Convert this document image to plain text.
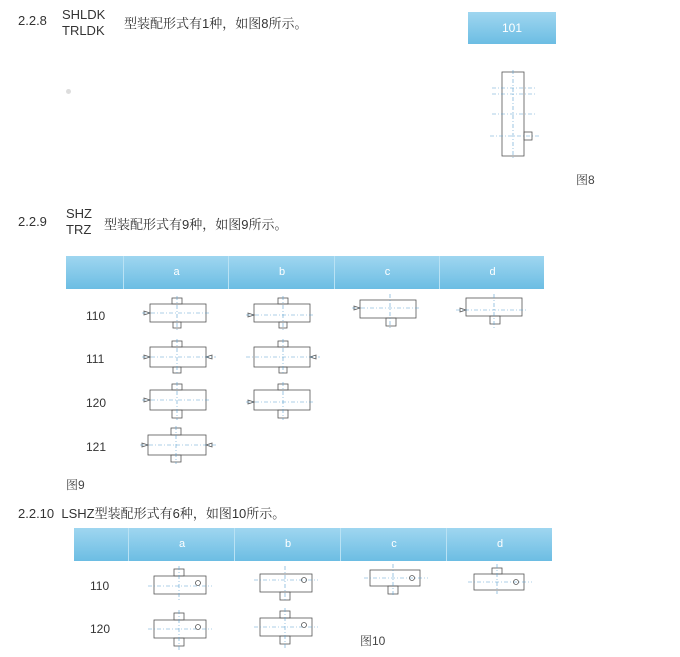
2.2.8 SHLDK
TRLDK 型装配形式有1种，如图8所示。	101
图8
2.2.9
SHZ
TRZ 型装配形式有9种，如图9所示。
a	b	c	d
110
111
120
121
图9
2.2.10  LSHZ型装配形式有6种，如图10所示。
a	b	c	d
110
120
图10
